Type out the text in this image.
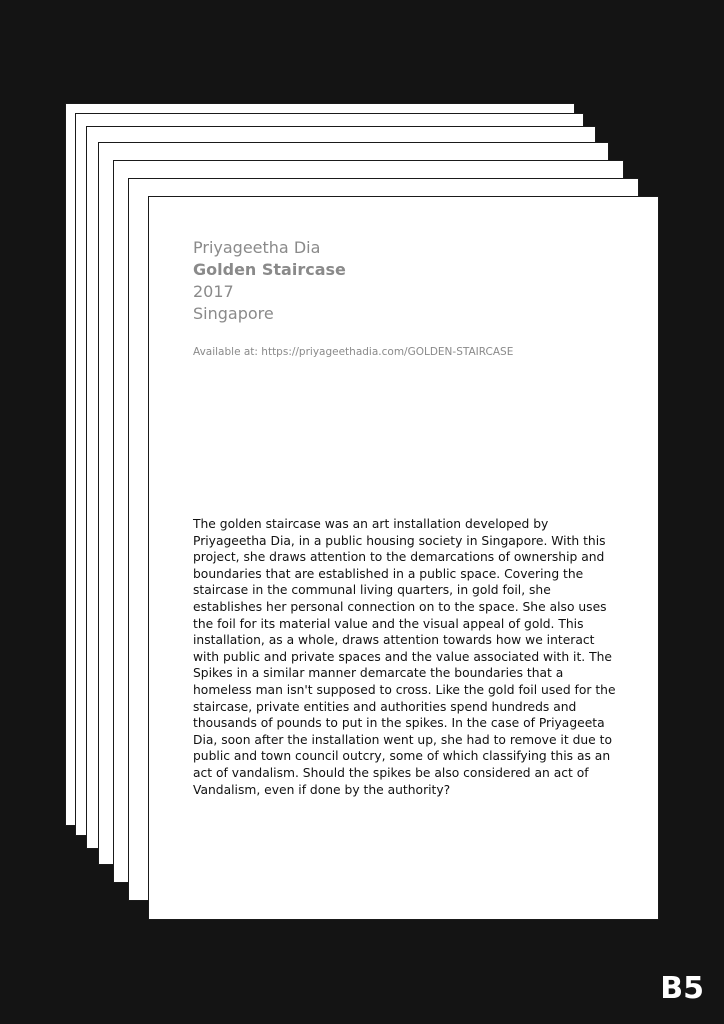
Priyageetha Dia
Golden Staircase
2017
Singapore
Available at: https://priyageethadia.com/GOLDEN-STAIRCASE
The golden staircase was an art installation developed by Priyageetha Dia, in a public housing society in Singapore. With this project, she draws attention to the demarcations of ownership and boundaries that are established in a public space. Covering the staircase in the communal living quarters, in gold foil, she establishes her personal connection on to the space. She also uses the foil for its material value and the visual appeal of gold. This installation, as a whole, draws attention towards how we interact with public and private spaces and the value associated with it. The Spikes in a similar manner demarcate the boundaries that a homeless man isn't supposed to cross. Like the gold foil used for the staircase, private entities and authorities spend hundreds and thousands of pounds to put in the spikes. In the case of Priyageeta Dia, soon after the installation went up, she had to remove it due to public and town council outcry, some of which classifying this as an act of vandalism. Should the spikes be also considered an act of Vandalism, even if done by the authority?
B5
